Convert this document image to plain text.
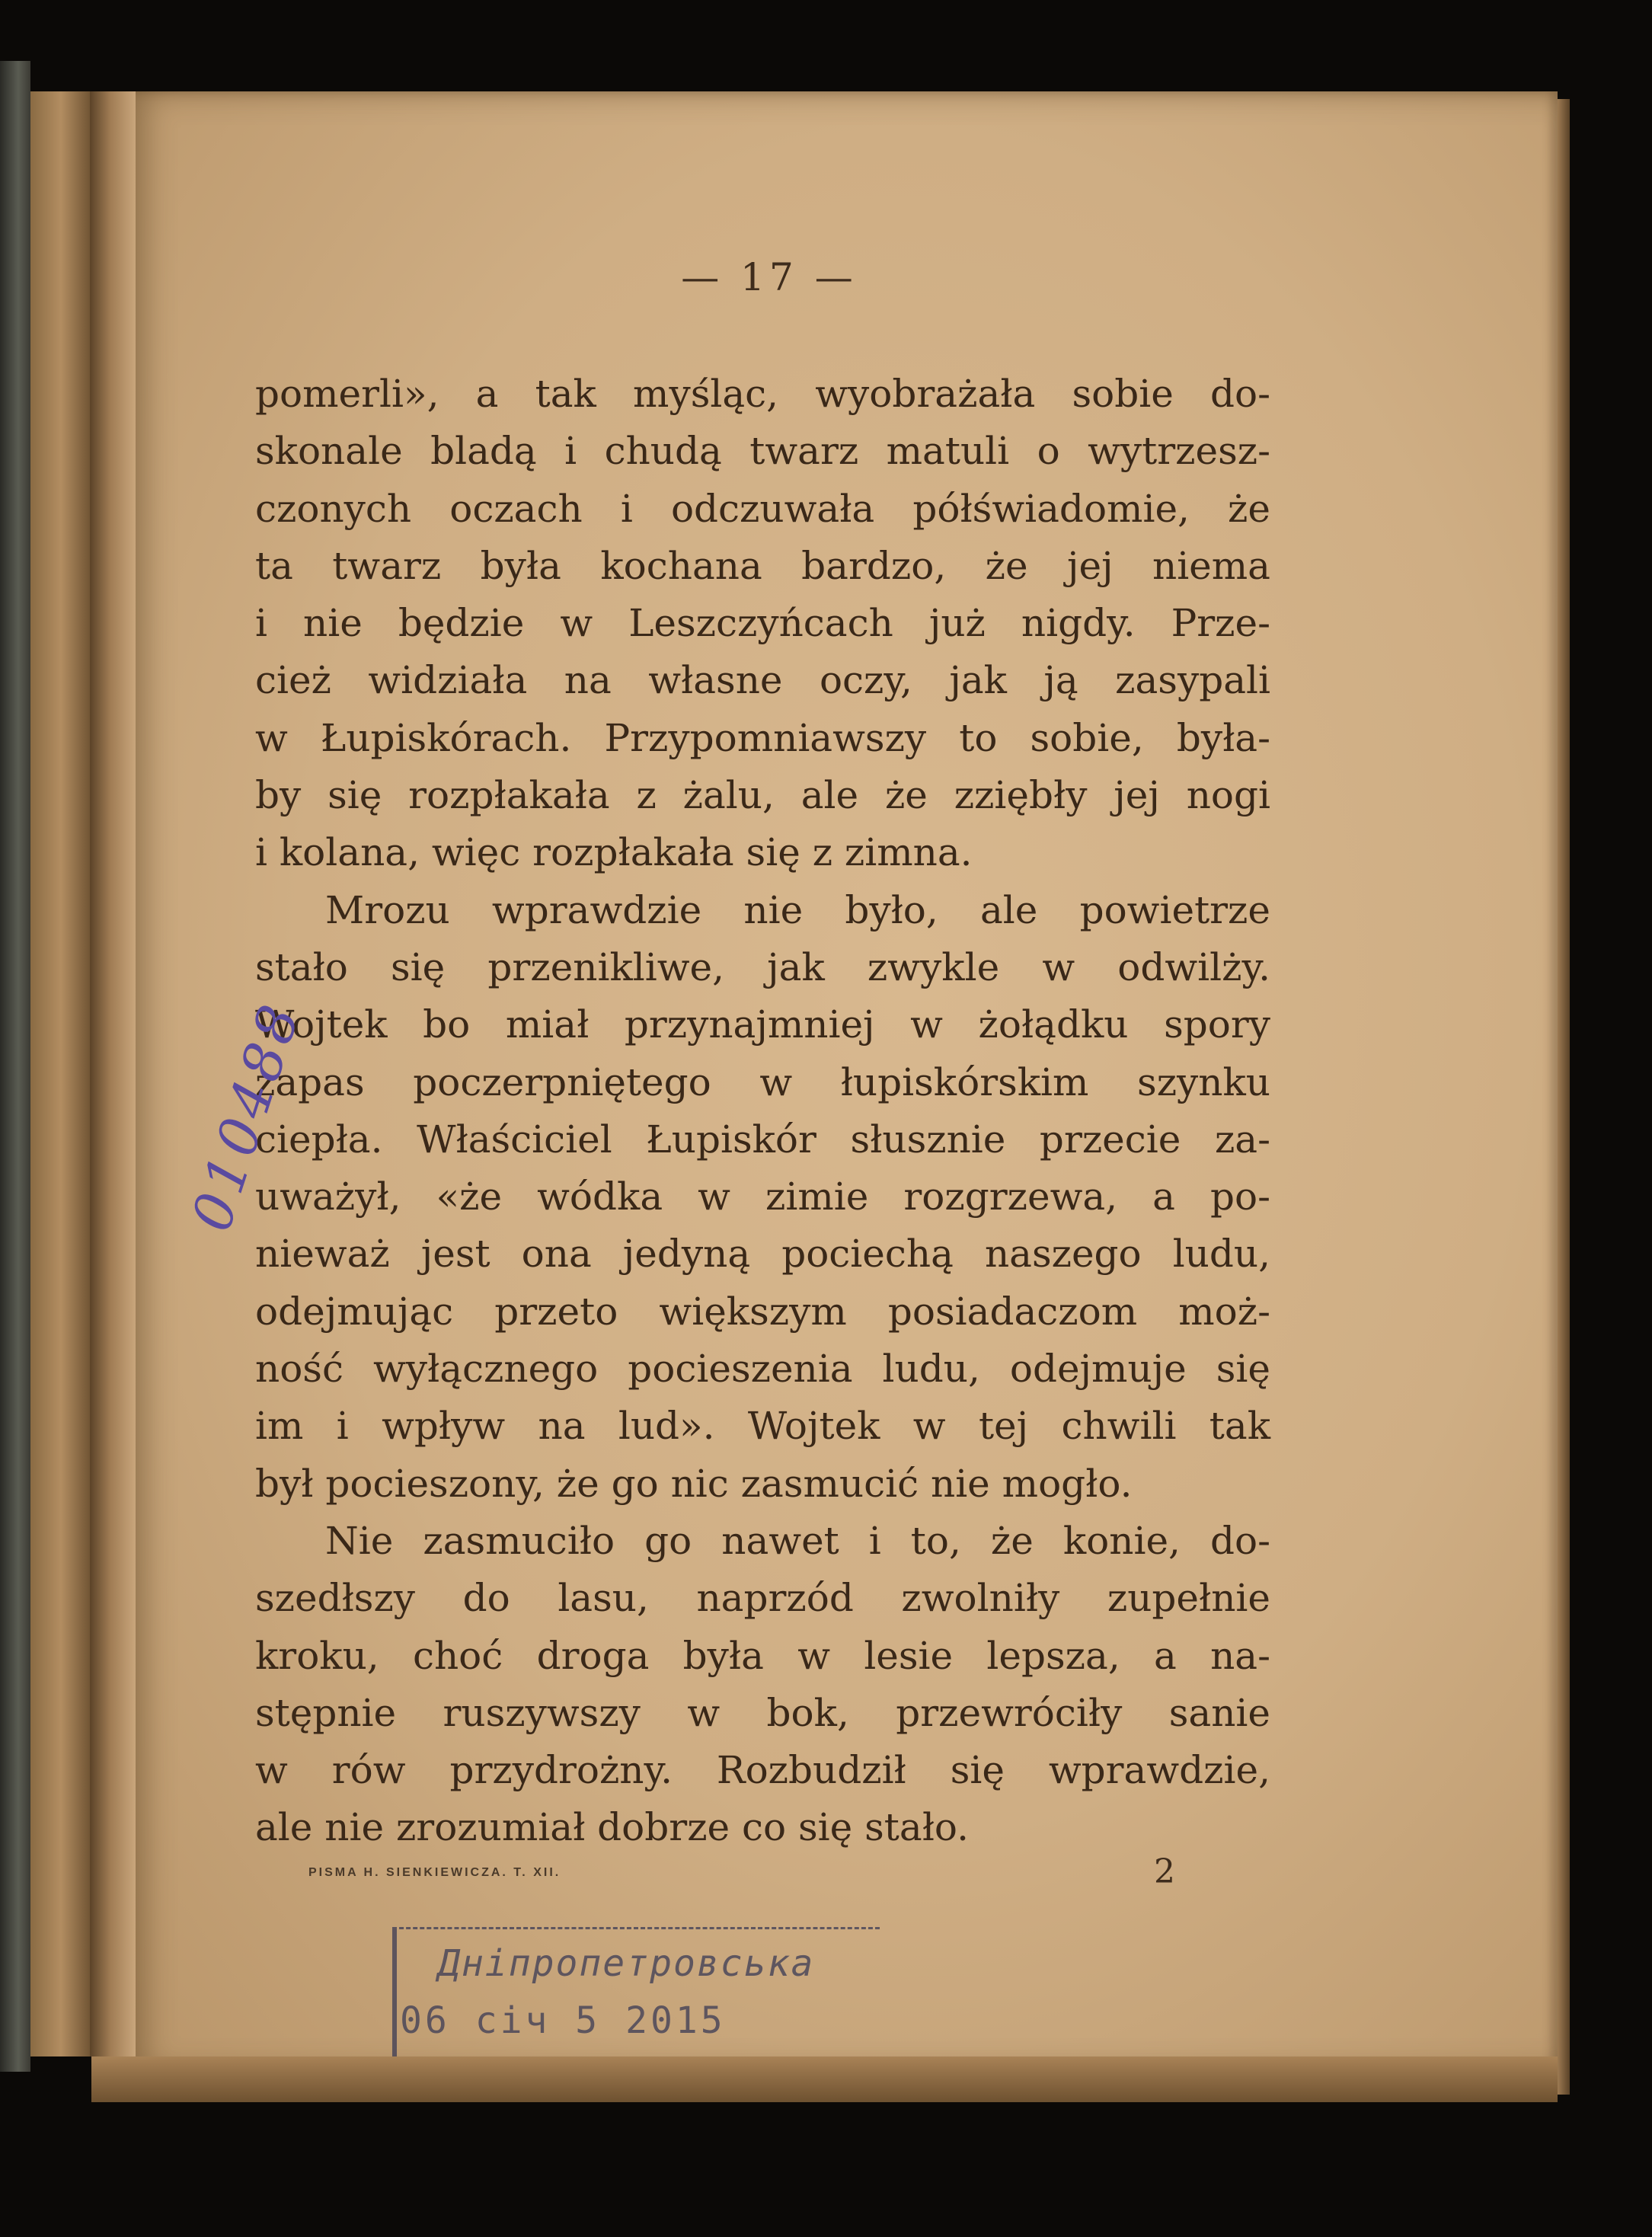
— 17 —
pomerli», a tak myśląc, wyobrażała sobie do-
skonale bladą i chudą twarz matuli o wytrzesz-
czonych oczach i odczuwała półświadomie, że
ta twarz była kochana bardzo, że jej niema
i nie będzie w Leszczyńcach już nigdy. Prze-
cież widziała na własne oczy, jak ją zasypali
w Łupiskórach. Przypomniawszy to sobie, była-
by się rozpłakała z żalu, ale że zziębły jej nogi
i kolana, więc rozpłakała się z zimna.
Mrozu wprawdzie nie było, ale powietrze
stało się przenikliwe, jak zwykle w odwilży.
Wojtek bo miał przynajmniej w żołądku spory
zapas poczerpniętego w łupiskórskim szynku
ciepła. Właściciel Łupiskór słusznie przecie za-
uważył, «że wódka w zimie rozgrzewa, a po-
nieważ jest ona jedyną pociechą naszego ludu,
odejmując przeto większym posiadaczom moż-
ność wyłącznego pocieszenia ludu, odejmuje się
im i wpływ na lud». Wojtek w tej chwili tak
był pocieszony, że go nic zasmucić nie mogło.
Nie zasmuciło go nawet i to, że konie, do-
szedłszy do lasu, naprzód zwolniły zupełnie
kroku, choć droga była w lesie lepsza, a na-
stępnie ruszywszy w bok, przewróciły sanie
w rów przydrożny. Rozbudził się wprawdzie,
ale nie zrozumiał dobrze co się stało.
PISMA H. SIENKIEWICZA. T. XII.	2
Дніпропетровська
06 січ 5 2015
010488
